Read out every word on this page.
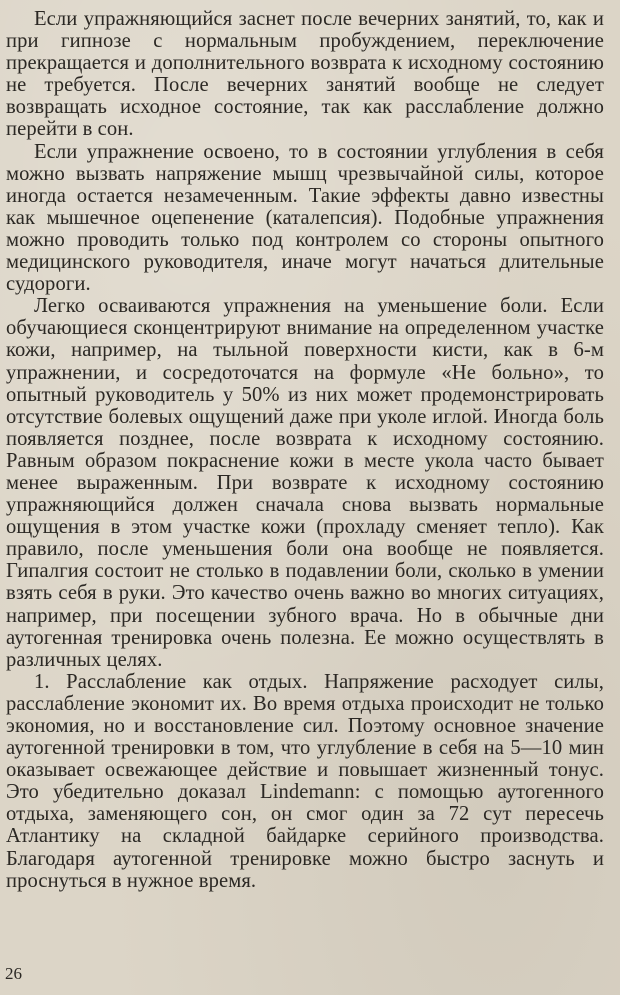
Если упражняющийся заснет после вечерних занятий, то, как и при гипнозе с нормальным пробуждением, переключение прекращается и дополнительного возврата к исходному состоянию не требуется. После вечерних занятий вообще не следует возвращать исходное состояние, так как расслабление должно перейти в сон.

Если упражнение освоено, то в состоянии углубления в себя можно вызвать напряжение мышц чрезвычайной силы, которое иногда остается незамеченным. Такие эффекты давно известны как мышечное оцепенение (каталепсия). Подобные упражнения можно проводить только под контролем со стороны опытного медицинского руководителя, иначе могут начаться длительные судороги.

Легко осваиваются упражнения на уменьшение боли. Если обучающиеся сконцентрируют внимание на определенном участке кожи, например, на тыльной поверхности кисти, как в 6-м упражнении, и сосредоточатся на формуле «Не больно», то опытный руководитель у 50% из них может продемонстрировать отсутствие болевых ощущений даже при уколе иглой. Иногда боль появляется позднее, после возврата к исходному состоянию. Равным образом покраснение кожи в месте укола часто бывает менее выраженным. При возврате к исходному состоянию упражняющийся должен сначала снова вызвать нормальные ощущения в этом участке кожи (прохладу сменяет тепло). Как правило, после уменьшения боли она вообще не появляется. Гипалгия состоит не столько в подавлении боли, сколько в умении взять себя в руки. Это качество очень важно во многих ситуациях, например, при посещении зубного врача. Но в обычные дни аутогенная тренировка очень полезна. Ее можно осуществлять в различных целях.

1. Расслабление как отдых. Напряжение расходует силы, расслабление экономит их. Во время отдыха происходит не только экономия, но и восстановление сил. Поэтому основное значение аутогенной тренировки в том, что углубление в себя на 5—10 мин оказывает освежающее действие и повышает жизненный тонус. Это убедительно доказал Lindemann: с помощью аутогенного отдыха, заменяющего сон, он смог один за 72 сут пересечь Атлантику на складной байдарке серийного производства. Благодаря аутогенной тренировке можно быстро заснуть и проснуться в нужное время.

26
